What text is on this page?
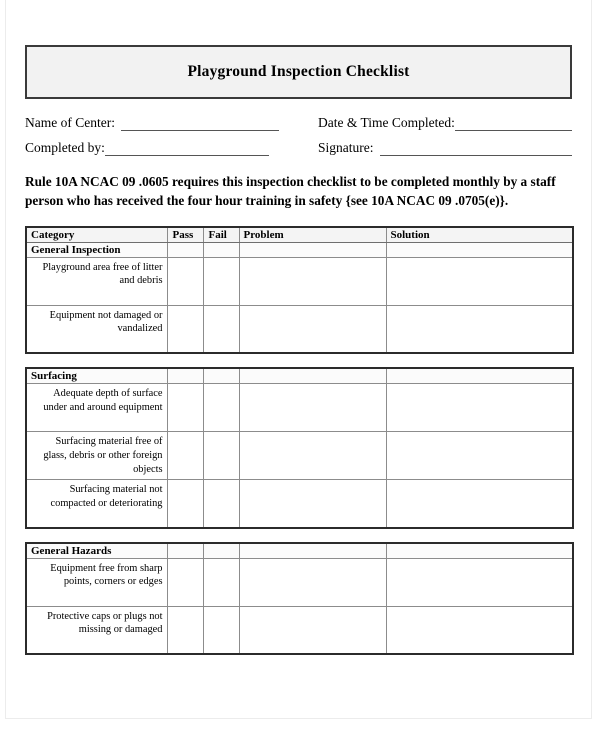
Playground Inspection Checklist
Name of Center:	Date & Time Completed:
Completed by:	Signature:
Rule 10A NCAC 09 .0605 requires this inspection checklist to be completed monthly by a staff person who has received the four hour training in safety {see 10A NCAC 09 .0705(e)}.
Category	Pass	Fail	Problem	Solution
General Inspection				
Playground area free of litter and debris				
Equipment not damaged or vandalized				
Surfacing				
Adequate depth of surface under and around equipment				
Surfacing material free of glass, debris or other foreign objects				
Surfacing material not compacted or deteriorating				
General Hazards				
Equipment free from sharp points, corners or edges				
Protective caps or plugs not missing or damaged				
